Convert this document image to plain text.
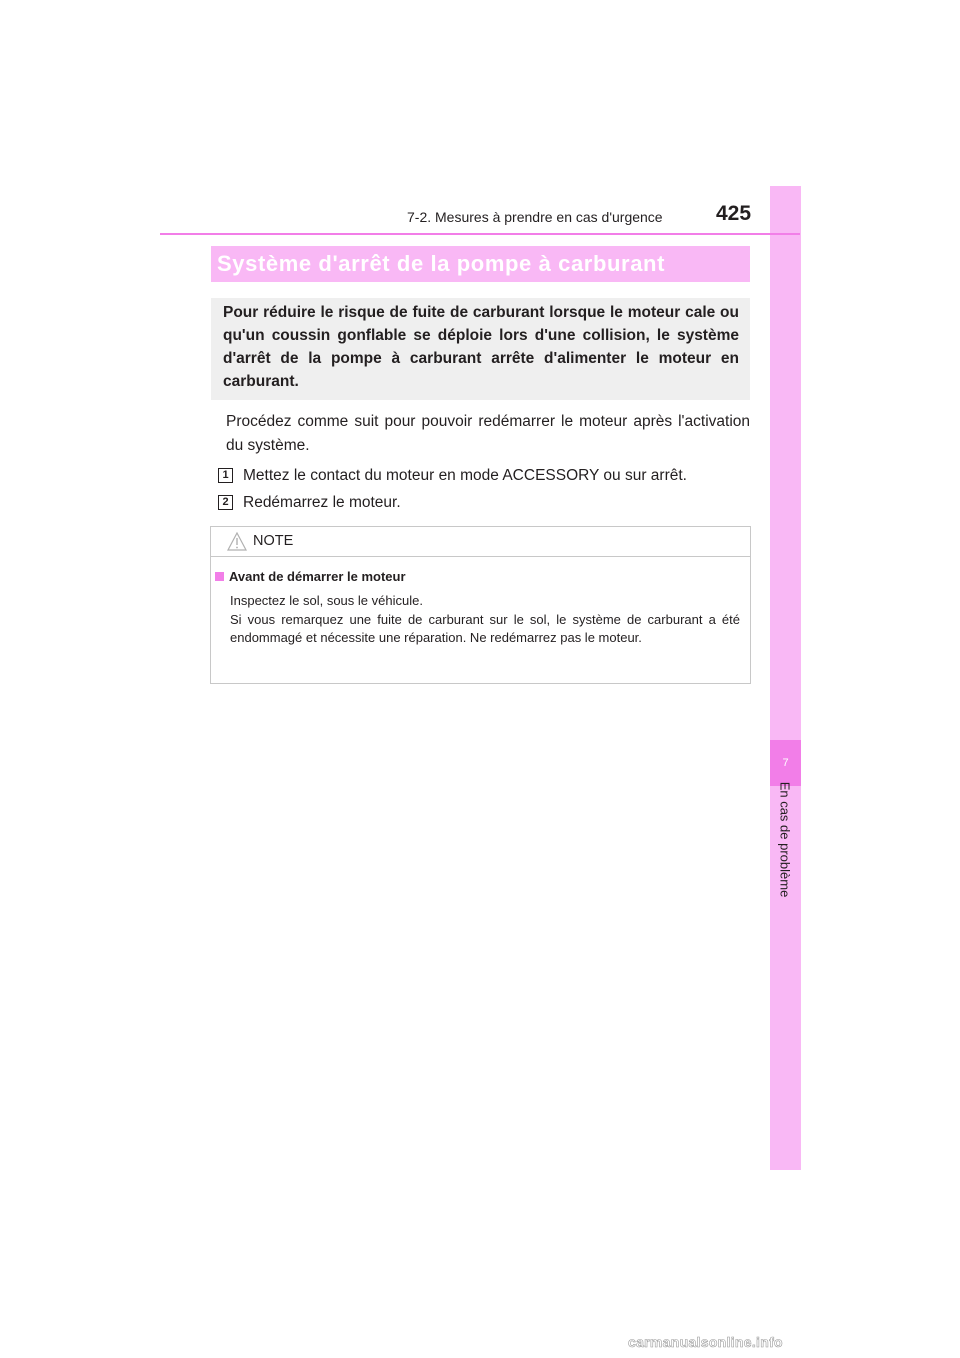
7
En cas de problème
7-2. Mesures à prendre en cas d'urgence	425
Système d'arrêt de la pompe à carburant

Pour réduire le risque de fuite de carburant lorsque le moteur cale ou qu'un coussin gonflable se déploie lors d'une collision, le système d'arrêt de la pompe à carburant arrête d'alimenter le moteur en carburant.

Procédez comme suit pour pouvoir redémarrer le moteur après l'activation du système.

1 Mettez le contact du moteur en mode ACCESSORY ou sur arrêt.
2 Redémarrez le moteur.
NOTE
Avant de démarrer le moteur

Inspectez le sol, sous le véhicule.
Si vous remarquez une fuite de carburant sur le sol, le système de carburant a été endommagé et nécessite une réparation. Ne redémarrez pas le moteur.

carmanualsonline.info
